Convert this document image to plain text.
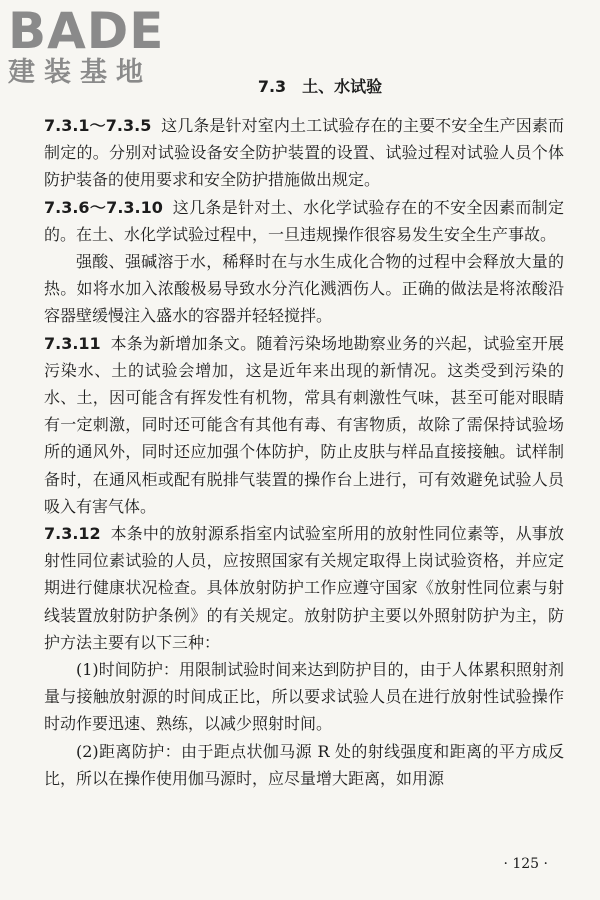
BADE
建装基地	7.3　土、水试验

7.3.1～7.3.5 这几条是针对室内土工试验存在的主要不安全生产因素而制定的。分别对试验设备安全防护装置的设置、试验过程对试验人员个体防护装备的使用要求和安全防护措施做出规定。

7.3.6～7.3.10 这几条是针对土、水化学试验存在的不安全因素而制定的。在土、水化学试验过程中，一旦违规操作很容易发生安全生产事故。

强酸、强碱溶于水，稀释时在与水生成化合物的过程中会释放大量的热。如将水加入浓酸极易导致水分汽化溅洒伤人。正确的做法是将浓酸沿容器壁缓慢注入盛水的容器并轻轻搅拌。

7.3.11 本条为新增加条文。随着污染场地勘察业务的兴起，试验室开展污染水、土的试验会增加，这是近年来出现的新情况。这类受到污染的水、土，因可能含有挥发性有机物，常具有刺激性气味，甚至可能对眼睛有一定刺激，同时还可能含有其他有毒、有害物质，故除了需保持试验场所的通风外，同时还应加强个体防护，防止皮肤与样品直接接触。试样制备时，在通风柜或配有脱排气装置的操作台上进行，可有效避免试验人员吸入有害气体。

7.3.12 本条中的放射源系指室内试验室所用的放射性同位素等，从事放射性同位素试验的人员，应按照国家有关规定取得上岗试验资格，并应定期进行健康状况检查。具体放射防护工作应遵守国家《放射性同位素与射线装置放射防护条例》的有关规定。放射防护主要以外照射防护为主，防护方法主要有以下三种：

(1)时间防护：用限制试验时间来达到防护目的，由于人体累积照射剂量与接触放射源的时间成正比，所以要求试验人员在进行放射性试验操作时动作要迅速、熟练，以减少照射时间。

(2)距离防护：由于距点状伽马源 R 处的射线强度和距离的平方成反比，所以在操作使用伽马源时，应尽量增大距离，如用源

· 125 ·
